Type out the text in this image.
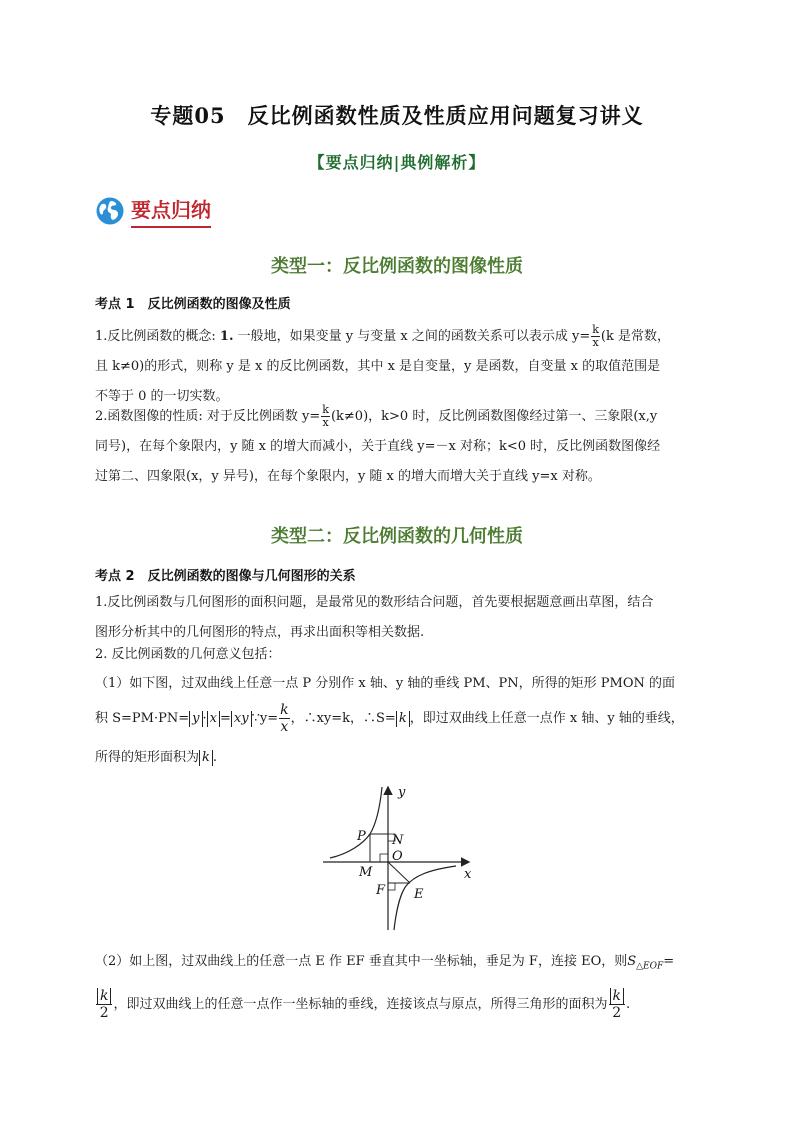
专题05　反比例函数性质及性质应用问题复习讲义
【要点归纳|典例解析】
要点归纳
类型一：反比例函数的图像性质
考点 1　反比例函数的图像及性质

1.反比例函数的概念: 1. 一般地，如果变量 y 与变量 x 之间的函数关系可以表示成 $y= \frac{k}{x} (k$ 是常数，

且 k≠0)的形式，则称 y 是 x 的反比例函数，其中 x 是自变量，y 是函数，自变量 x 的取值范围是

不等于 0 的一切实数。

2.函数图像的性质: 对于反比例函数 $y= \frac{k}{x} (k\ne 0)$，k>0 时，反比例函数图像经过第一、三象限(x,y

同号)，在每个象限内，y 随 x 的增大而减小，关于直线 y=－x 对称；k<0 时，反比例函数图像经

过第二、四象限(x，y 异号)，在每个象限内，y 随 x 的增大而增大关于直线 y=x 对称。

类型二：反比例函数的几何性质
考点 2　反比例函数的图像与几何图形的关系

1.反比例函数与几何图形的面积问题，是最常见的数形结合问题，首先要根据题意画出草图，结合

图形分析其中的几何图形的特点，再求出面积等相关数据.

2. 反比例函数的几何意义包括：

（1）如下图，过双曲线上任意一点 P 分别作 x 轴、y 轴的垂线 PM、PN，所得的矩形 PMON 的面

积 S=PM·PN= y · x = xy ∵y= $\frac{k}{x}$ ，∴xy=k，∴S= k ，即过双曲线上任意一点作 x 轴、y 轴的垂线，

所得的矩形面积为 k .

y
x
P N
O
M
F E

（2）如上图，过双曲线上的任意一点 E 作 EF 垂直其中一坐标轴，垂足为 F，连接 EO，则$S_{\triangle EOF}=$

$\frac{k}{2}$ ，即过双曲线上的任意一点作一坐标轴的垂线，连接该点与原点，所得三角形的面积为 $\frac{k}{2}$ .
